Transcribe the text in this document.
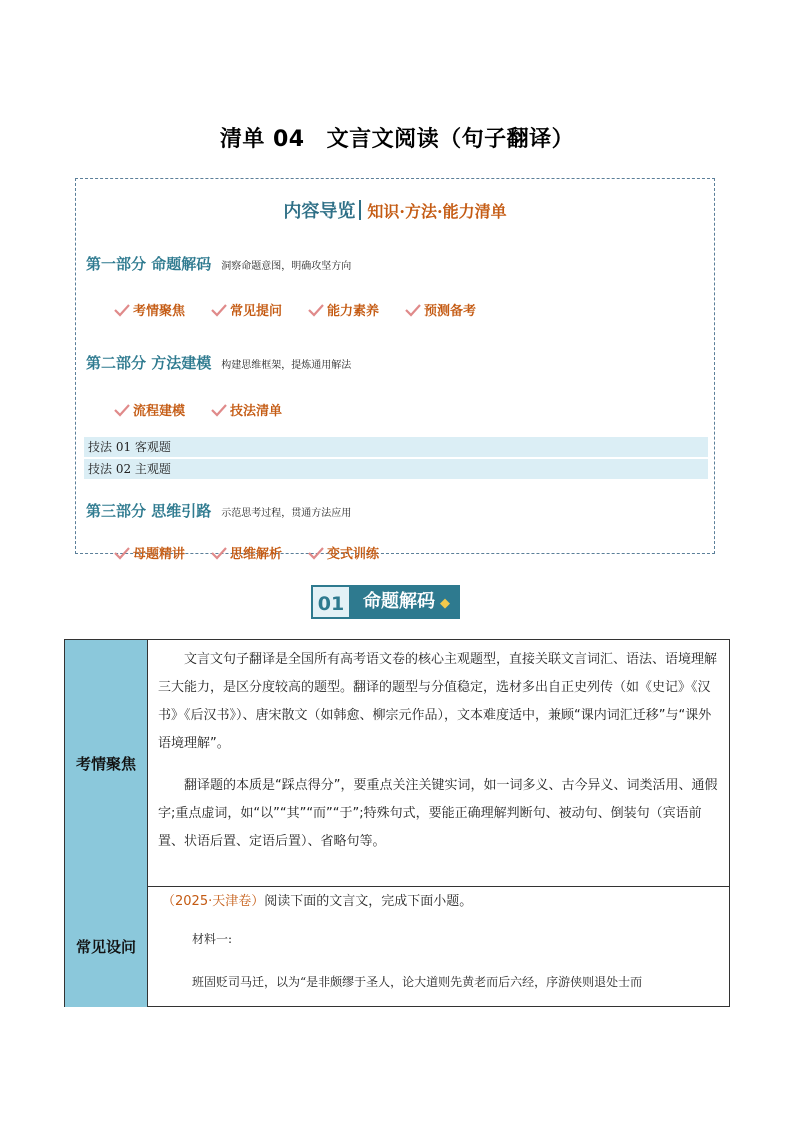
清单 04 文言文阅读（句子翻译）
内容导览 知识·方法·能力清单
第一部分 命题解码 洞察命题意图，明确攻坚方向
考情聚焦	常见提问	能力素养	预测备考
第二部分 方法建模 构建思维框架，提炼通用解法
流程建模	技法清单
技法 01 客观题
技法 02 主观题
第三部分 思维引路 示范思考过程，贯通方法应用
母题精讲	思维解析	变式训练
01 命题解码 ◆
考情聚焦

文言文句子翻译是全国所有高考语文卷的核心主观题型，直接关联文言词汇、语法、语境理解三大能力，是区分度较高的题型。翻译的题型与分值稳定，选材多出自正史列传（如《史记》《汉书》《后汉书》）、唐宋散文（如韩愈、柳宗元作品），文本难度适中，兼顾“课内词汇迁移”与“课外语境理解”。

翻译题的本质是“踩点得分”，要重点关注关键实词，如一词多义、古今异义、词类活用、通假字;重点虚词，如“以”“其”“而”“于”;特殊句式，要能正确理解判断句、被动句、倒装句（宾语前置、状语后置、定语后置）、省略句等。

常见设问
（2025·天津卷）阅读下面的文言文，完成下面小题。
材料一:
班固贬司马迁，以为“是非颇缪于圣人，论大道则先黄老而后六经，序游侠则退处士而
